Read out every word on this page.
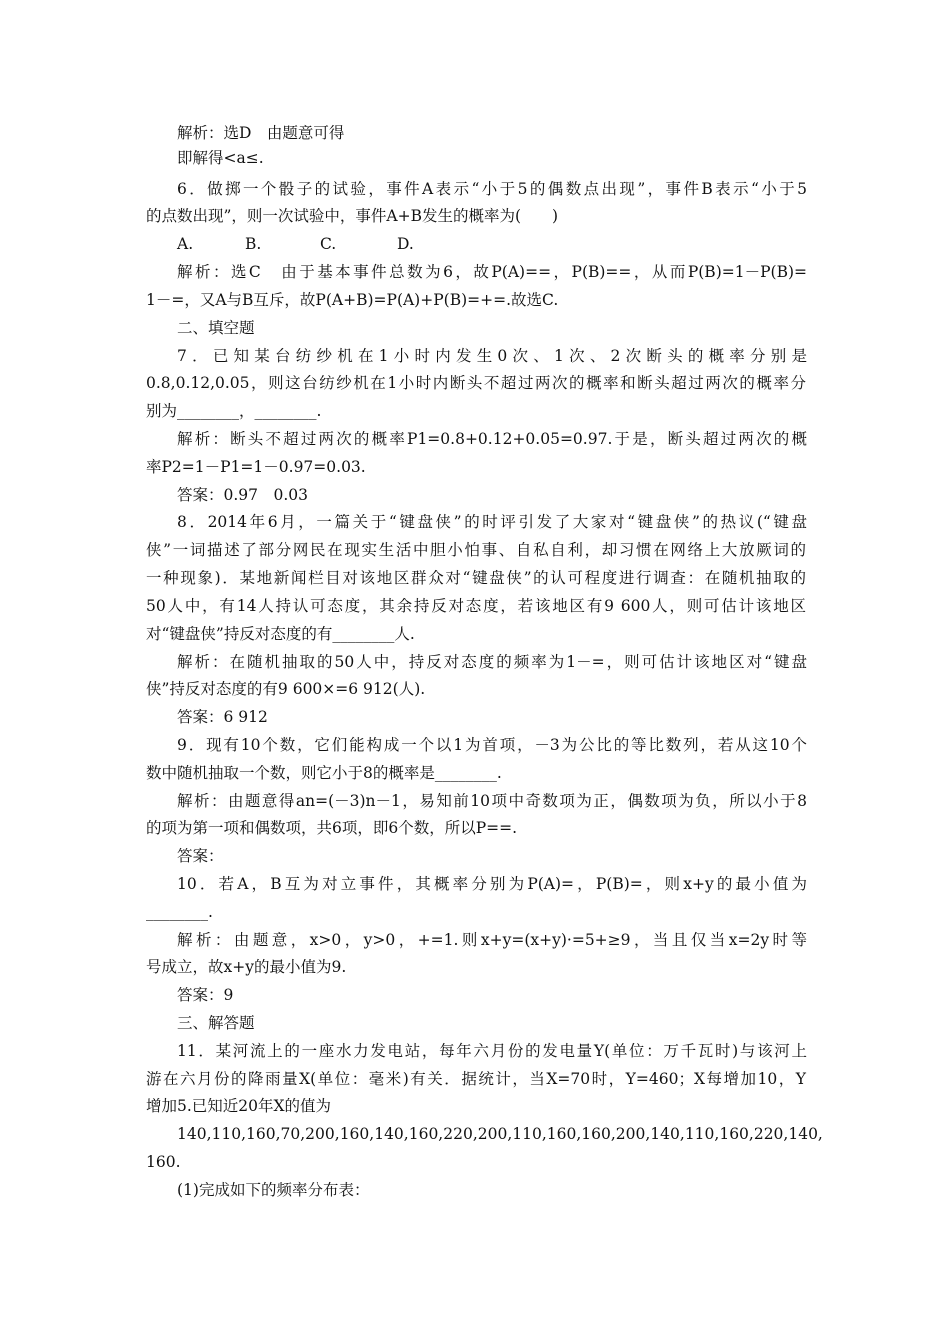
解析：选D　由题意可得
即解得<a≤.
6．做掷一个骰子的试验，事件A表示“小于5的偶数点出现”，事件B表示“小于5
的点数出现”，则一次试验中，事件A+B发生的概率为(　　)
A.	B.	C.	D.
解析：选C　由于基本事件总数为6，故P(A)==，P(B)==，从而P(B)=1－P(B)=
1－=，又A与B互斥，故P(A+B)=P(A)+P(B)=+=.故选C.
二、填空题
7．已知某台纺纱机在1小时内发生0次、1次、2次断头的概率分别是
0.8,0.12,0.05，则这台纺纱机在1小时内断头不超过两次的概率和断头超过两次的概率分
别为________，________.
解析：断头不超过两次的概率P1=0.8+0.12+0.05=0.97.于是，断头超过两次的概
率P2=1－P1=1－0.97=0.03.
答案：0.97　0.03
8．2014年6月，一篇关于“键盘侠”的时评引发了大家对“键盘侠”的热议(“键盘
侠”一词描述了部分网民在现实生活中胆小怕事、自私自利，却习惯在网络上大放厥词的
一种现象)．某地新闻栏目对该地区群众对“键盘侠”的认可程度进行调查：在随机抽取的
50人中，有14人持认可态度，其余持反对态度，若该地区有9 600人，则可估计该地区
对“键盘侠”持反对态度的有________人.
解析：在随机抽取的50人中，持反对态度的频率为1－=，则可估计该地区对“键盘
侠”持反对态度的有9 600×=6 912(人).
答案：6 912
9．现有10个数，它们能构成一个以1为首项，－3为公比的等比数列，若从这10个
数中随机抽取一个数，则它小于8的概率是________.
解析：由题意得an=(－3)n－1，易知前10项中奇数项为正，偶数项为负，所以小于8
的项为第一项和偶数项，共6项，即6个数，所以P==.
答案：
10．若A，B互为对立事件，其概率分别为P(A)=，P(B)=，则x+y的最小值为
________.
解析：由题意，x>0，y>0，+=1.则x+y=(x+y)·=5+≥9，当且仅当x=2y时等
号成立，故x+y的最小值为9.
答案：9
三、解答题
11．某河流上的一座水力发电站，每年六月份的发电量Y(单位：万千瓦时)与该河上
游在六月份的降雨量X(单位：毫米)有关．据统计，当X=70时，Y=460；X每增加10，Y
增加5.已知近20年X的值为
140,110,160,70,200,160,140,160,220,200,110,160,160,200,140,110,160,220,140,
160.
(1)完成如下的频率分布表：
